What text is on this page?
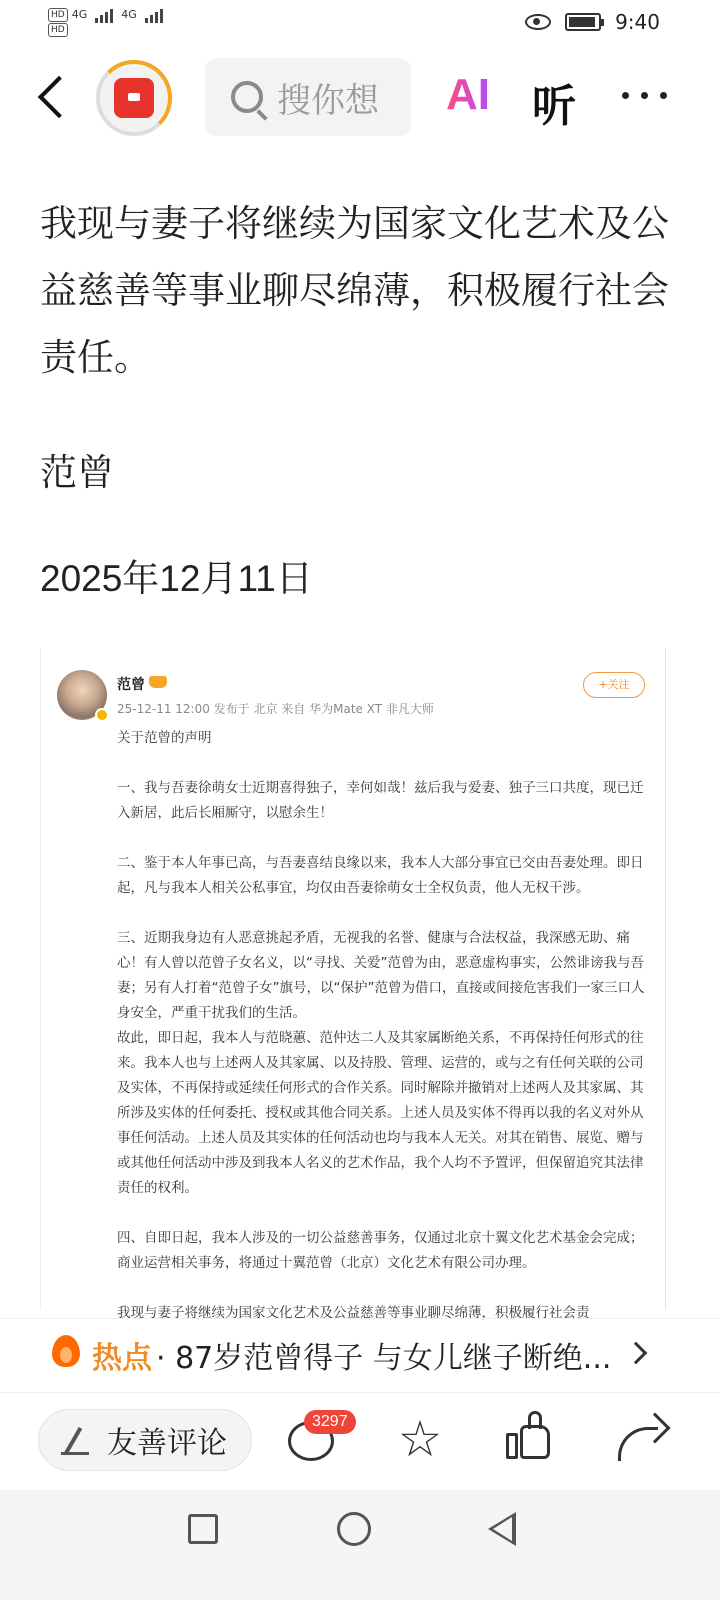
HD 4G	4G
HD	9:40
搜你想 AI 听
我现与妻子将继续为国家文化艺术及公益慈善等事业聊尽绵薄，积极履行社会责任。
范曾
2025年12月11日
范曾
25-12-11 12:00 发布于 北京 来自 华为Mate XT 非凡大师
+关注

关于范曾的声明

一、我与吾妻徐萌女士近期喜得独子，幸何如哉！兹后我与爱妻、独子三口共度，现已迁入新居，此后长厢厮守，以慰余生！

二、鉴于本人年事已高，与吾妻喜结良缘以来，我本人大部分事宜已交由吾妻处理。即日起，凡与我本人相关公私事宜，均仅由吾妻徐萌女士全权负责，他人无权干涉。

三、近期我身边有人恶意挑起矛盾，无视我的名誉、健康与合法权益，我深感无助、痛心！有人曾以范曾子女名义，以“寻找、关爱”范曾为由，恶意虚构事实，公然诽谤我与吾妻；另有人打着“范曾子女”旗号，以“保护”范曾为借口，直接或间接危害我们一家三口人身安全，严重干扰我们的生活。

故此，即日起，我本人与范晓蕙、范仲达二人及其家属断绝关系，不再保持任何形式的往来。我本人也与上述两人及其家属、以及持股、管理、运营的，或与之有任何关联的公司及实体，不再保持或延续任何形式的合作关系。同时解除并撤销对上述两人及其家属、其所涉及实体的任何委托、授权或其他合同关系。上述人员及实体不得再以我的名义对外从事任何活动。上述人员及其实体的任何活动也均与我本人无关。对其在销售、展览、赠与或其他任何活动中涉及到我本人名义的艺术作品，我个人均不予置评，但保留追究其法律责任的权利。

四、自即日起，我本人涉及的一切公益慈善事务，仅通过北京十翼文化艺术基金会完成；商业运营相关事务，将通过十翼范曾（北京）文化艺术有限公司办理。

我现与妻子将继续为国家文化艺术及公益慈善等事业聊尽绵薄，积极履行社会责

热点 · 87岁范曾得子 与女儿继子断绝...
友善评论	☆
3297
